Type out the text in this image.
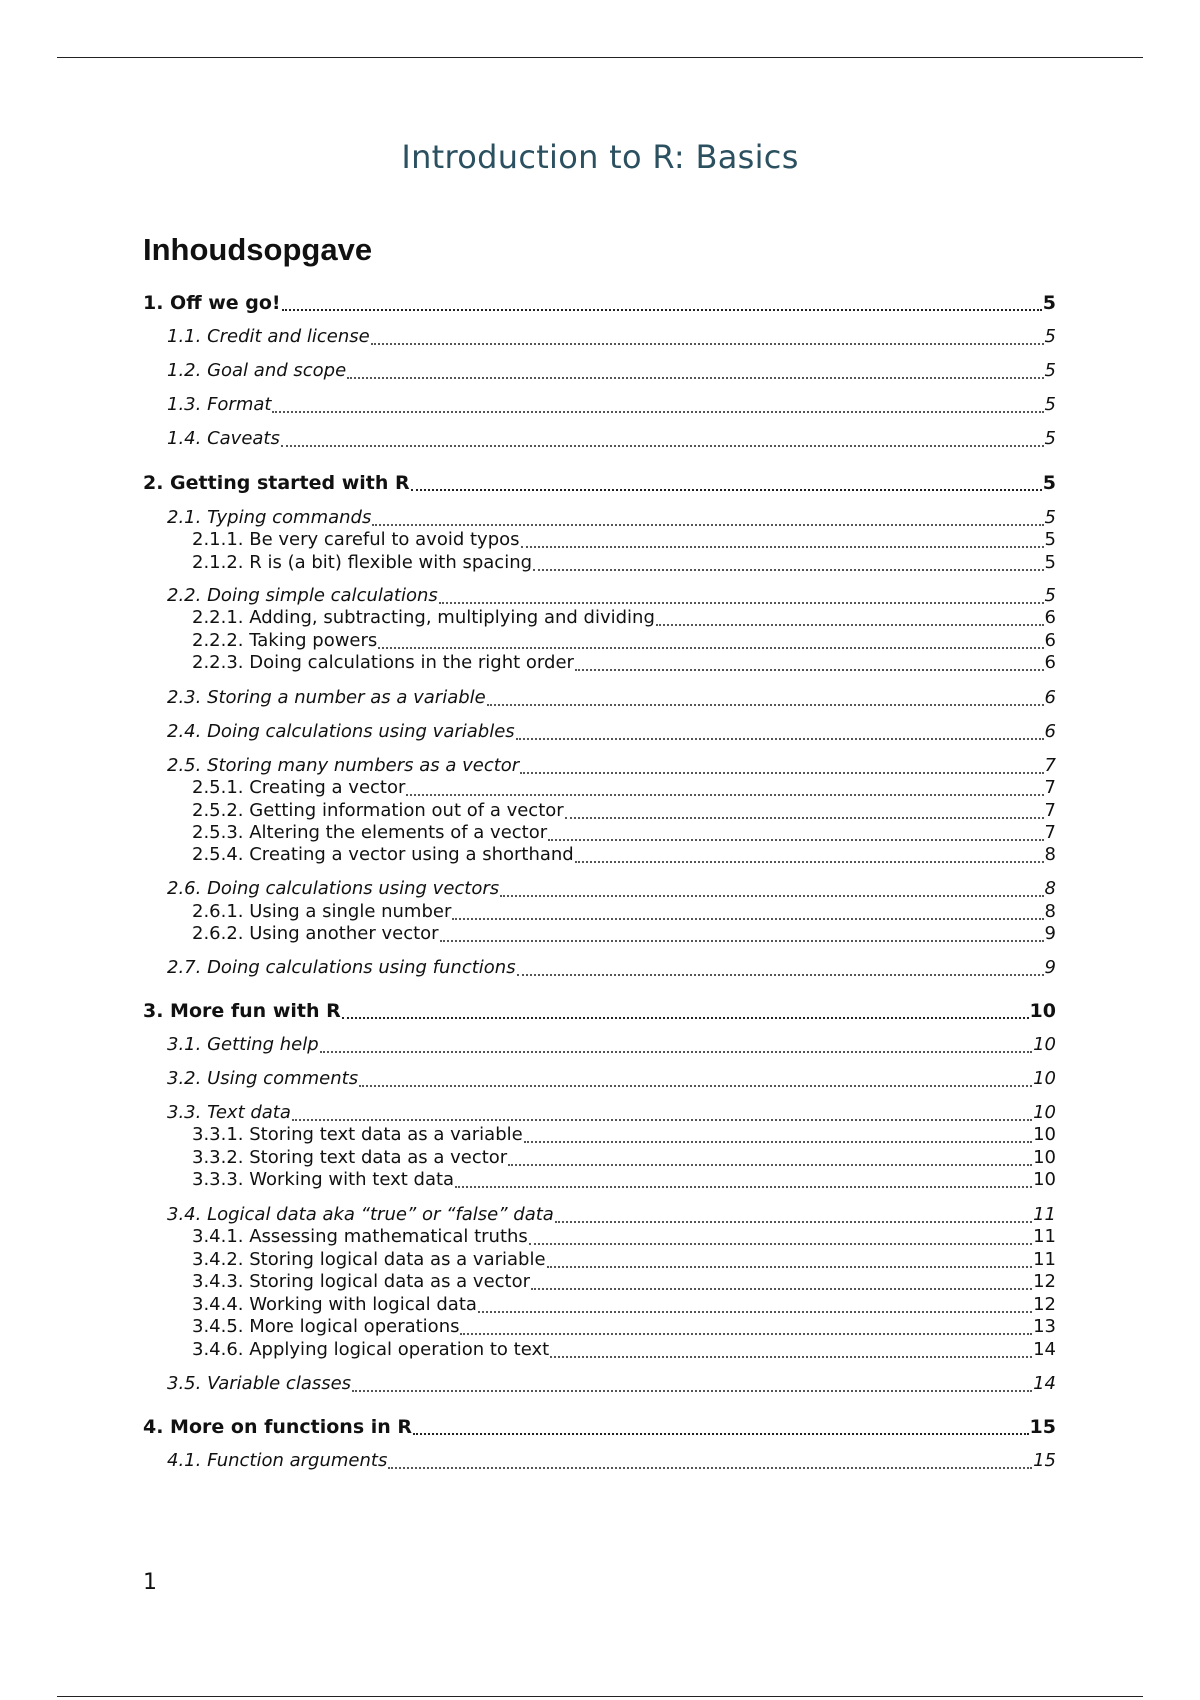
Introduction to R: Basics
Inhoudsopgave
1. Off we go!	5
1.1. Credit and license	5
1.2. Goal and scope	5
1.3. Format	5
1.4. Caveats	5
2. Getting started with R	5
2.1. Typing commands	5
2.1.1. Be very careful to avoid typos	5
2.1.2. R is (a bit) flexible with spacing	5
2.2. Doing simple calculations	5
2.2.1. Adding, subtracting, multiplying and dividing	6
2.2.2. Taking powers	6
2.2.3. Doing calculations in the right order	6
2.3. Storing a number as a variable	6
2.4. Doing calculations using variables	6
2.5. Storing many numbers as a vector	7
2.5.1. Creating a vector	7
2.5.2. Getting information out of a vector	7
2.5.3. Altering the elements of a vector	7
2.5.4. Creating a vector using a shorthand	8
2.6. Doing calculations using vectors	8
2.6.1. Using a single number	8
2.6.2. Using another vector	9
2.7. Doing calculations using functions	9
3. More fun with R	10
3.1. Getting help	10
3.2. Using comments	10
3.3. Text data	10
3.3.1. Storing text data as a variable	10
3.3.2. Storing text data as a vector	10
3.3.3. Working with text data	10
3.4. Logical data aka “true” or “false” data	11
3.4.1. Assessing mathematical truths	11
3.4.2. Storing logical data as a variable	11
3.4.3. Storing logical data as a vector	12
3.4.4. Working with logical data	12
3.4.5. More logical operations	13
3.4.6. Applying logical operation to text	14
3.5. Variable classes	14
4. More on functions in R	15
4.1. Function arguments	15
1
